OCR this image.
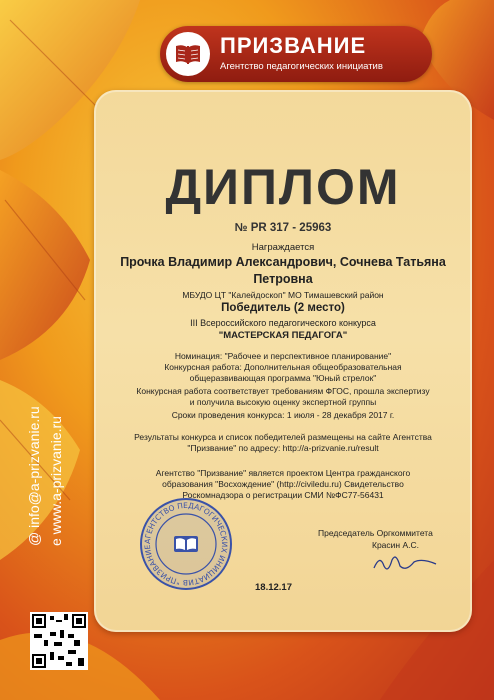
ПРИЗВАНИЕ
Агентство педагогических инициатив
ДИПЛОМ
№ PR 317 - 25963
Награждается
Прочка Владимир Александрович, Сочнева Татьяна Петровна
МБУДО ЦТ "Калейдоскоп" МО Тимашевский район
Победитель (2 место)
III Всероссийского педагогического конкурса
"МАСТЕРСКАЯ ПЕДАГОГА"
Номинация: "Рабочее и перспективное планирование"
Конкурсная работа: Дополнительная общеобразовательная общеразвивающая программа "Юный стрелок"
Конкурсная работа соответствует требованиям ФГОС, прошла экспертизу и получила высокую оценку экспертной группы
Сроки проведения конкурса: 1 июля - 28 декабря 2017 г.
Результаты конкурса и список победителей размещены на сайте Агентства "Призвание" по адресу: http://a-prizvanie.ru/result
Агентство "Призвание" является проектом Центра гражданского образования "Восхождение" (http://civiledu.ru) Свидетельство Роскомнадзора о регистрации СМИ №ФС77-56431
Председатель Оргкоммитета
Красин А.С.
18.12.17
АГЕНТСТВО ПЕДАГОГИЧЕСКИХ ИНИЦИАТИВ "ПРИЗВАНИЕ
@ info@a-prizvanie.ru
e www.a-prizvanie.ru
